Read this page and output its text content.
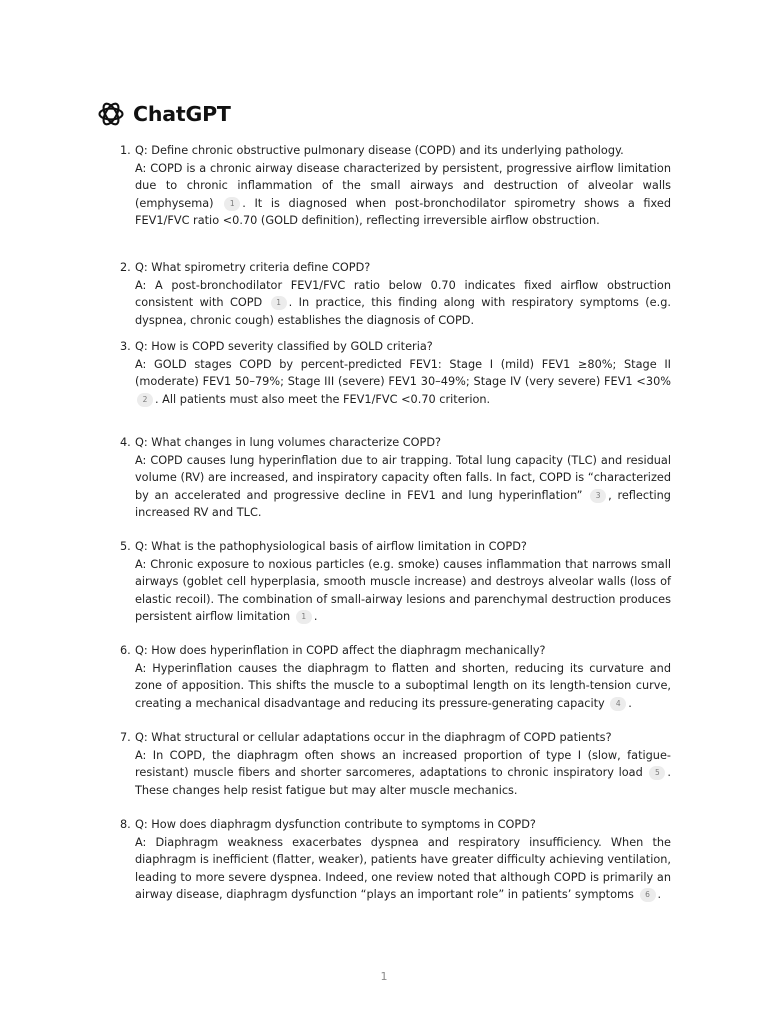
ChatGPT
1. Q: Define chronic obstructive pulmonary disease (COPD) and its underlying pathology.
A: COPD is a chronic airway disease characterized by persistent, progressive airflow limitation due to chronic inflammation of the small airways and destruction of alveolar walls (emphysema) 1 . It is diagnosed when post-bronchodilator spirometry shows a fixed FEV1/FVC ratio <0.70 (GOLD definition), reflecting irreversible airflow obstruction.
2. Q: What spirometry criteria define COPD?
A: A post-bronchodilator FEV1/FVC ratio below 0.70 indicates fixed airflow obstruction consistent with COPD 1 . In practice, this finding along with respiratory symptoms (e.g. dyspnea, chronic cough) establishes the diagnosis of COPD.
3. Q: How is COPD severity classified by GOLD criteria?
A: GOLD stages COPD by percent-predicted FEV1: Stage I (mild) FEV1 ≥80%; Stage II (moderate) FEV1 50–79%; Stage III (severe) FEV1 30–49%; Stage IV (very severe) FEV1 <30% 2 . All patients must also meet the FEV1/FVC <0.70 criterion.
4. Q: What changes in lung volumes characterize COPD?
A: COPD causes lung hyperinflation due to air trapping. Total lung capacity (TLC) and residual volume (RV) are increased, and inspiratory capacity often falls. In fact, COPD is “characterized by an accelerated and progressive decline in FEV1 and lung hyperinflation” 3 , reflecting increased RV and TLC.
5. Q: What is the pathophysiological basis of airflow limitation in COPD?
A: Chronic exposure to noxious particles (e.g. smoke) causes inflammation that narrows small airways (goblet cell hyperplasia, smooth muscle increase) and destroys alveolar walls (loss of elastic recoil). The combination of small-airway lesions and parenchymal destruction produces persistent airflow limitation 1 .
6. Q: How does hyperinflation in COPD affect the diaphragm mechanically?
A: Hyperinflation causes the diaphragm to flatten and shorten, reducing its curvature and zone of apposition. This shifts the muscle to a suboptimal length on its length-tension curve, creating a mechanical disadvantage and reducing its pressure-generating capacity 4 .
7. Q: What structural or cellular adaptations occur in the diaphragm of COPD patients?
A: In COPD, the diaphragm often shows an increased proportion of type I (slow, fatigue-resistant) muscle fibers and shorter sarcomeres, adaptations to chronic inspiratory load 5 . These changes help resist fatigue but may alter muscle mechanics.
8. Q: How does diaphragm dysfunction contribute to symptoms in COPD?
A: Diaphragm weakness exacerbates dyspnea and respiratory insufficiency. When the diaphragm is inefficient (flatter, weaker), patients have greater difficulty achieving ventilation, leading to more severe dyspnea. Indeed, one review noted that although COPD is primarily an airway disease, diaphragm dysfunction “plays an important role” in patients’ symptoms 6 .
1
